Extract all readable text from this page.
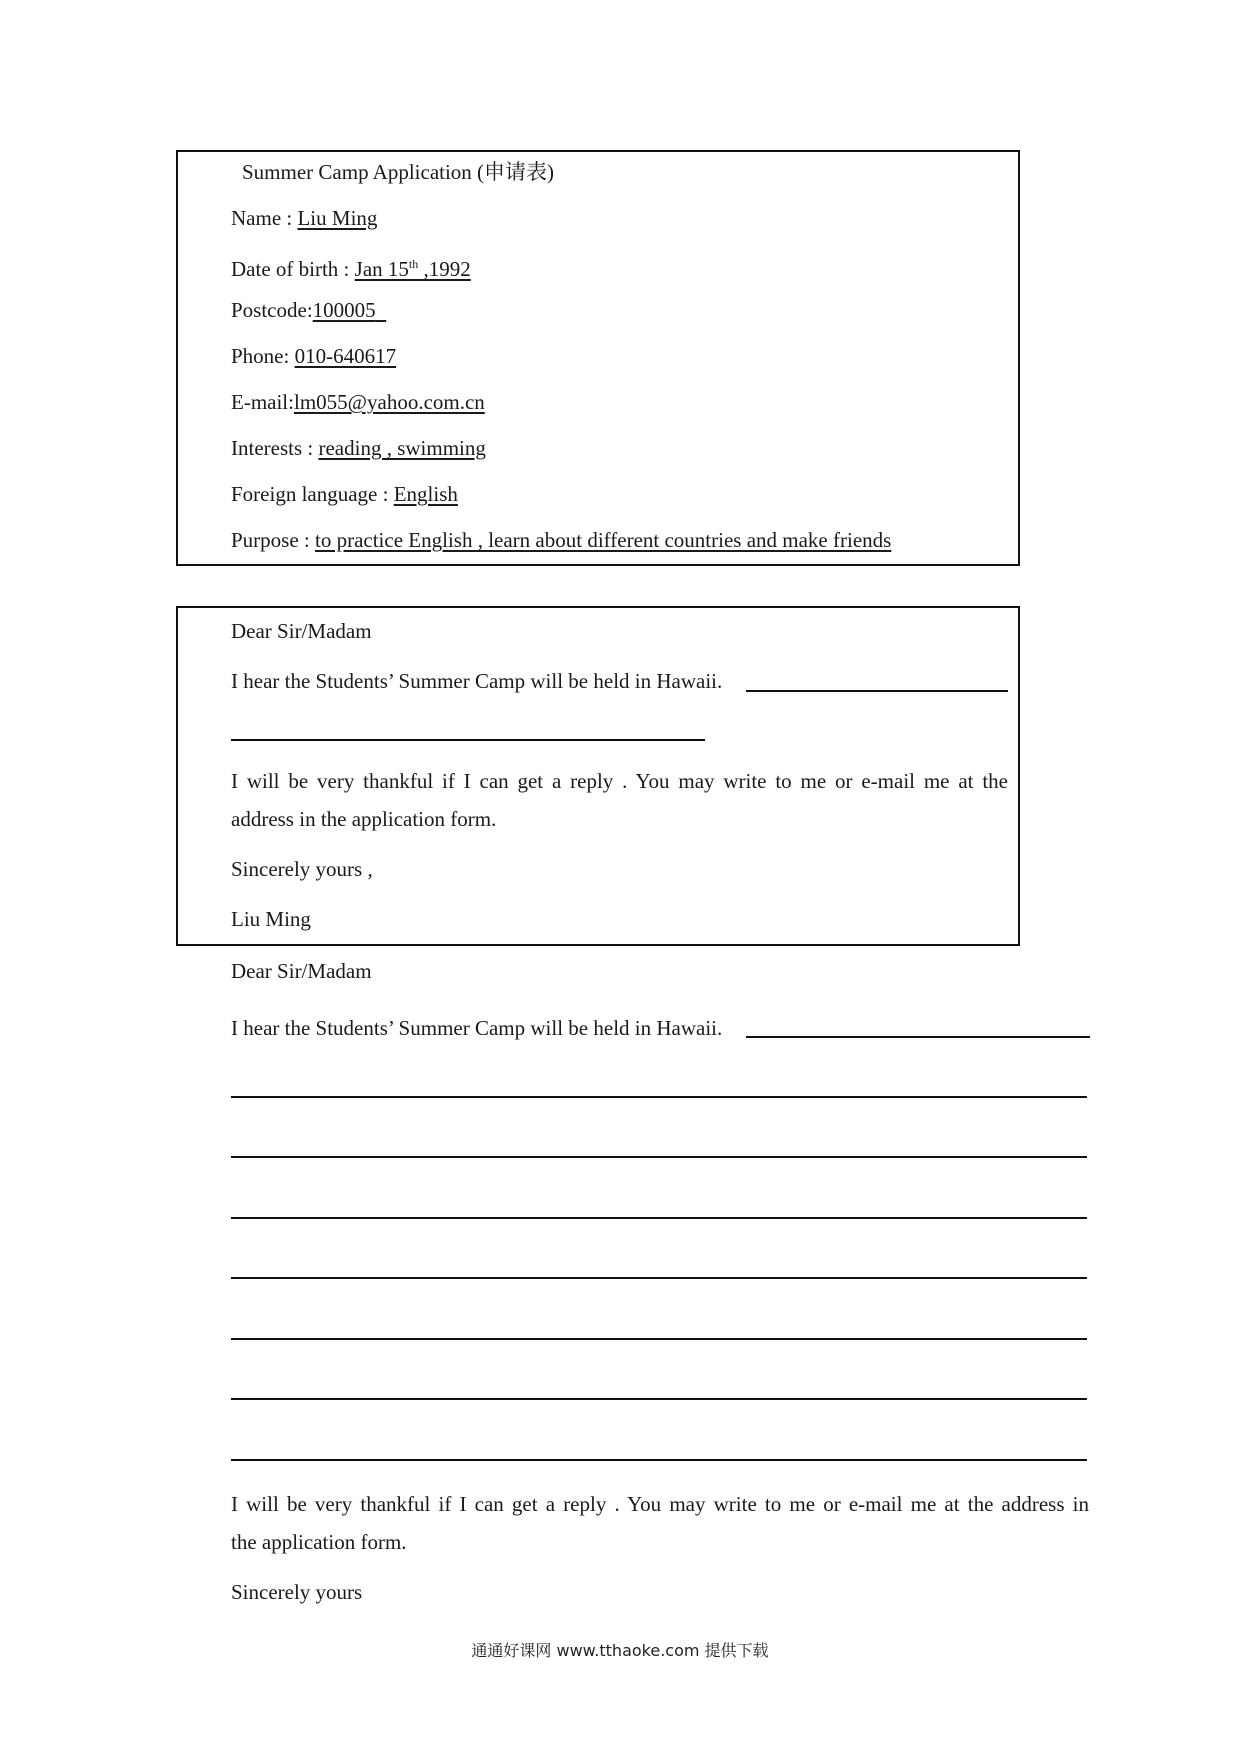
Summer Camp Application (申请表)
Name : Liu Ming
Date of birth : Jan 15th ,1992
Postcode:100005
Phone: 010-640617
E-mail:lm055@yahoo.com.cn
Interests : reading , swimming
Foreign language : English
Purpose : to practice English , learn about different countries and make friends
Dear Sir/Madam
I hear the Students’ Summer Camp will be held in Hawaii.
I will be very thankful if I can get a reply . You may write to me or e-mail me at the
address in the application form.
Sincerely yours ,
Liu Ming
Dear Sir/Madam
I hear the Students’ Summer Camp will be held in Hawaii.
I will be very thankful if I can get a reply . You may write to me or e-mail me at the address in
the application form.
Sincerely yours
通通好课网 www.tthaoke.com 提供下载
